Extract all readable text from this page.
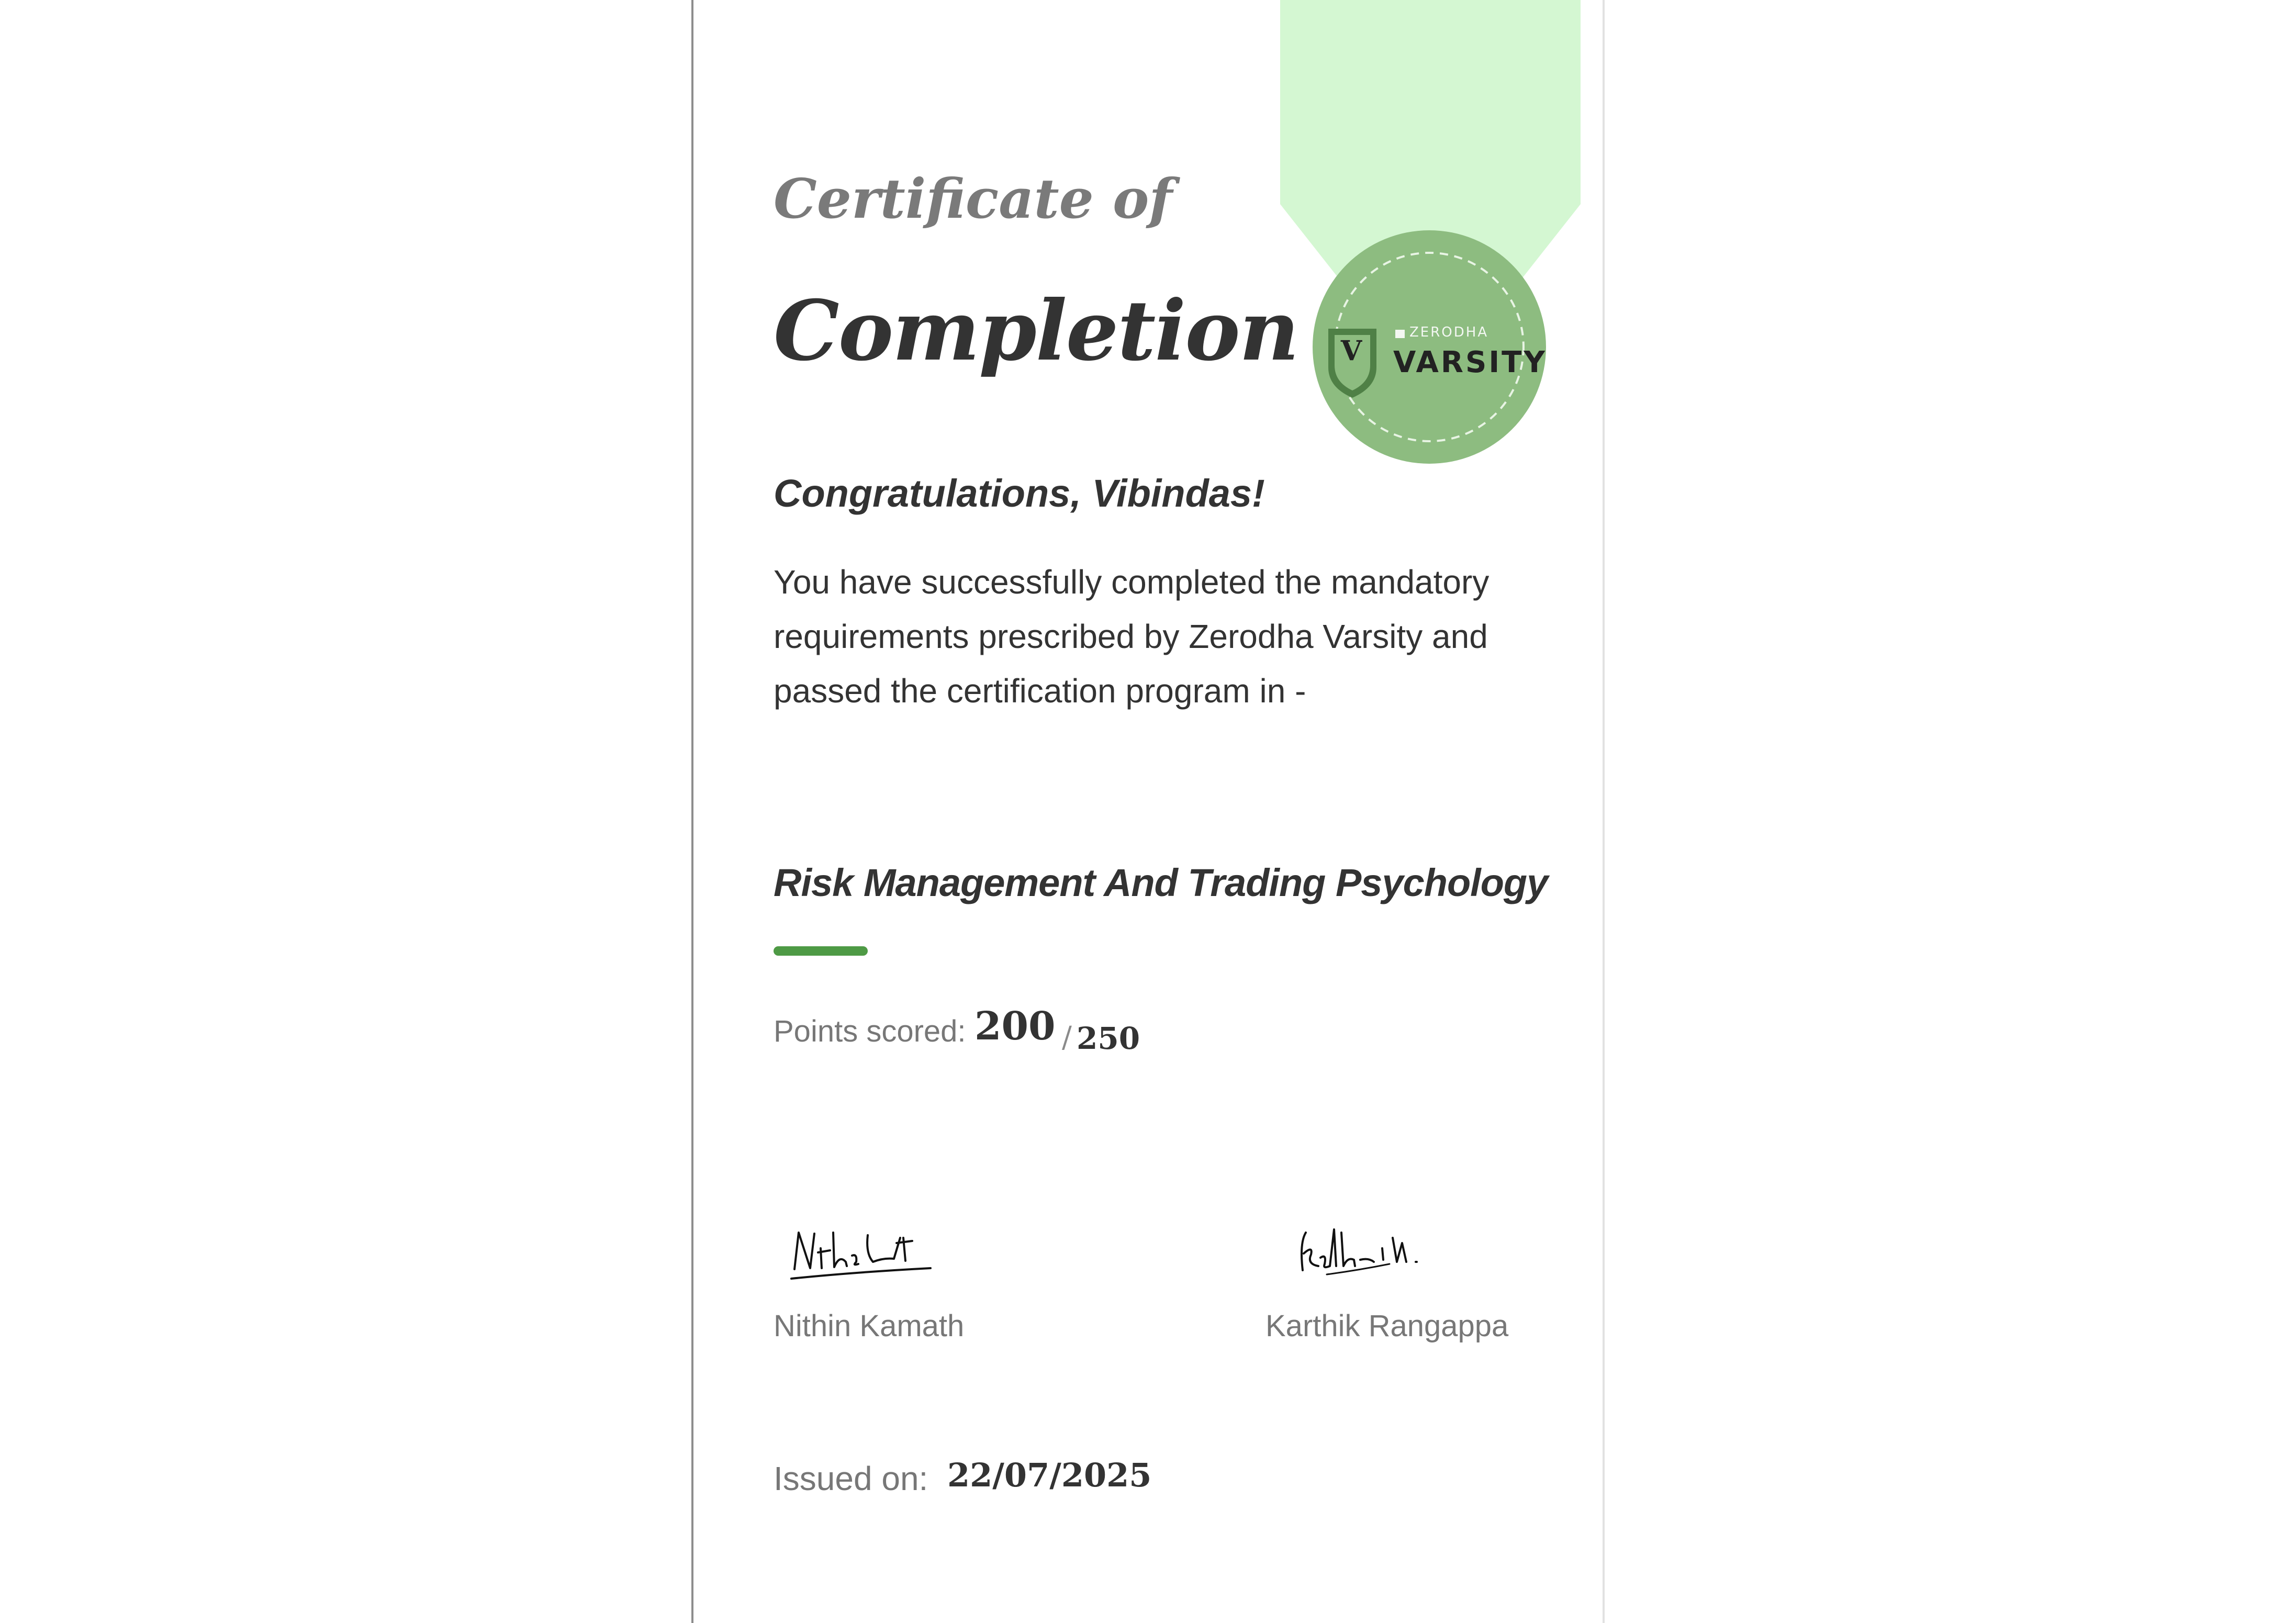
V
ZERODHA
VARSITY
Certificate of
Completion
Congratulations, Vibindas!
You have successfully completed the mandatory requirements prescribed by Zerodha Varsity and passed the certification program in -
Risk Management And Trading Psychology
Points scored: 200 / 250
Nithin Kamath	Karthik Rangappa
Issued on: 22/07/2025
